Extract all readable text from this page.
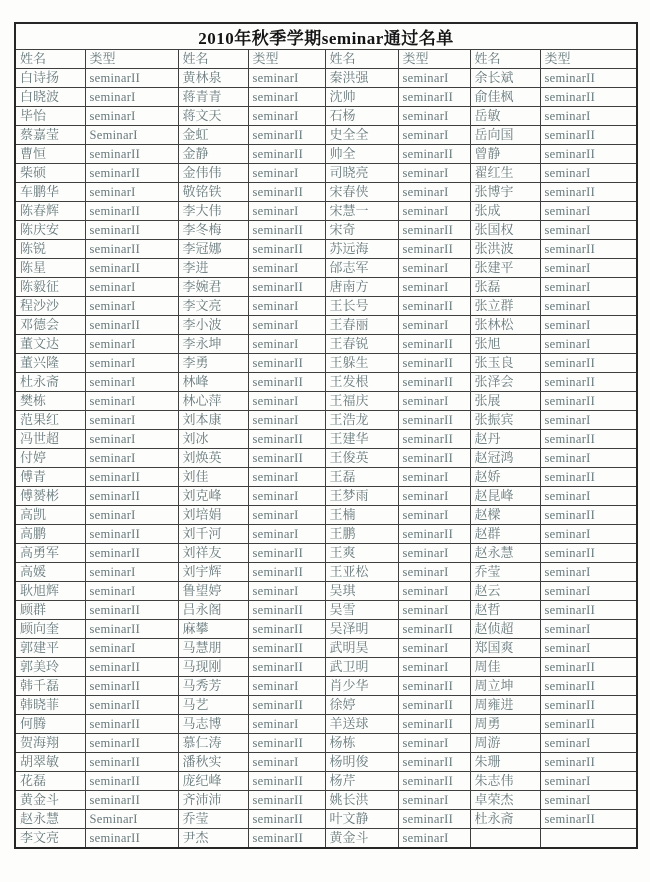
2010年秋季学期seminar通过名单							
姓名	类型	姓名	类型	姓名	类型	姓名	类型
白诗扬	seminarII	黄林泉	seminarI	秦洪强	seminarI	余长斌	seminarII
白晓波	seminarI	蒋青青	seminarI	沈帅	seminarII	俞佳枫	seminarII
毕怡	seminarI	蒋文天	seminarI	石杨	seminarI	岳敏	seminarI
蔡嘉莹	SeminarI	金虹	seminarII	史全全	seminarI	岳向国	seminarII
曹恒	seminarII	金静	seminarII	帅全	seminarII	曾静	seminarII
柴硕	seminarII	金伟伟	seminarI	司晓亮	seminarI	翟红生	seminarI
车鹏华	seminarI	敬铭铁	seminarII	宋春侠	seminarI	张博宇	seminarII
陈春辉	seminarII	李大伟	seminarI	宋慧一	seminarI	张成	seminarI
陈庆安	seminarII	李冬梅	seminarII	宋奇	seminarII	张国权	seminarI
陈锐	seminarII	李冠娜	seminarII	苏远海	seminarII	张洪波	seminarII
陈星	seminarII	李进	seminarI	邰志军	seminarI	张建平	seminarI
陈毅征	seminarI	李婉君	seminarII	唐南方	seminarI	张磊	seminarI
程沙沙	seminarI	李文亮	seminarI	王长号	seminarII	张立群	seminarI
邓德会	seminarII	李小波	seminarI	王春丽	seminarI	张林松	seminarI
董文达	seminarI	李永坤	seminarI	王春锐	seminarII	张旭	seminarI
董兴隆	seminarI	李勇	seminarII	王躲生	seminarII	张玉良	seminarII
杜永斋	seminarI	林峰	seminarII	王发根	seminarII	张泽会	seminarII
樊栋	seminarI	林心萍	seminarI	王福庆	seminarI	张展	seminarII
范果红	seminarI	刘本康	seminarI	王浩龙	seminarII	张振宾	seminarI
冯世超	seminarI	刘冰	seminarII	王建华	seminarII	赵丹	seminarII
付婷	seminarI	刘焕英	seminarII	王俊英	seminarII	赵冠鸿	seminarI
傅青	seminarII	刘佳	seminarI	王磊	seminarI	赵娇	seminarII
傅赟彬	seminarII	刘克峰	seminarI	王梦雨	seminarI	赵昆峰	seminarI
高凯	seminarI	刘培娟	seminarI	王楠	seminarI	赵樑	seminarII
高鹏	seminarII	刘千河	seminarI	王鹏	seminarII	赵群	seminarI
高勇军	seminarII	刘祥友	seminarII	王爽	seminarI	赵永慧	seminarII
高媛	seminarI	刘宇辉	seminarII	王亚松	seminarI	乔莹	seminarI
耿旭辉	seminarI	鲁望婷	seminarI	吴琪	seminarI	赵云	seminarI
顾群	seminarII	吕永阁	seminarII	吴雪	seminarI	赵哲	seminarII
顾向奎	seminarII	麻攀	seminarII	吴泽明	seminarII	赵侦超	seminarI
郭建平	seminarI	马慧朋	seminarII	武明昊	seminarI	郑国爽	seminarI
郭美玲	seminarII	马现刚	seminarII	武卫明	seminarI	周佳	seminarII
韩千磊	seminarII	马秀芳	seminarI	肖少华	seminarII	周立坤	seminarII
韩晓菲	seminarII	马艺	seminarII	徐婷	seminarII	周雍进	seminarII
何腾	seminarII	马志博	seminarI	羊送球	seminarII	周勇	seminarII
贺海翔	seminarII	慕仁涛	seminarII	杨栋	seminarI	周游	seminarI
胡翠敏	seminarII	潘秋实	seminarI	杨明俊	seminarII	朱珊	seminarII
花磊	seminarII	庞纪峰	seminarII	杨芹	seminarII	朱志伟	seminarI
黄金斗	seminarII	齐沛沛	seminarII	姚长洪	seminarI	卓荣杰	seminarI
赵永慧	SeminarI	乔莹	seminarII	叶文静	seminarII	杜永斋	seminarII
李文亮	seminarII	尹杰	seminarII	黄金斗	seminarI		
